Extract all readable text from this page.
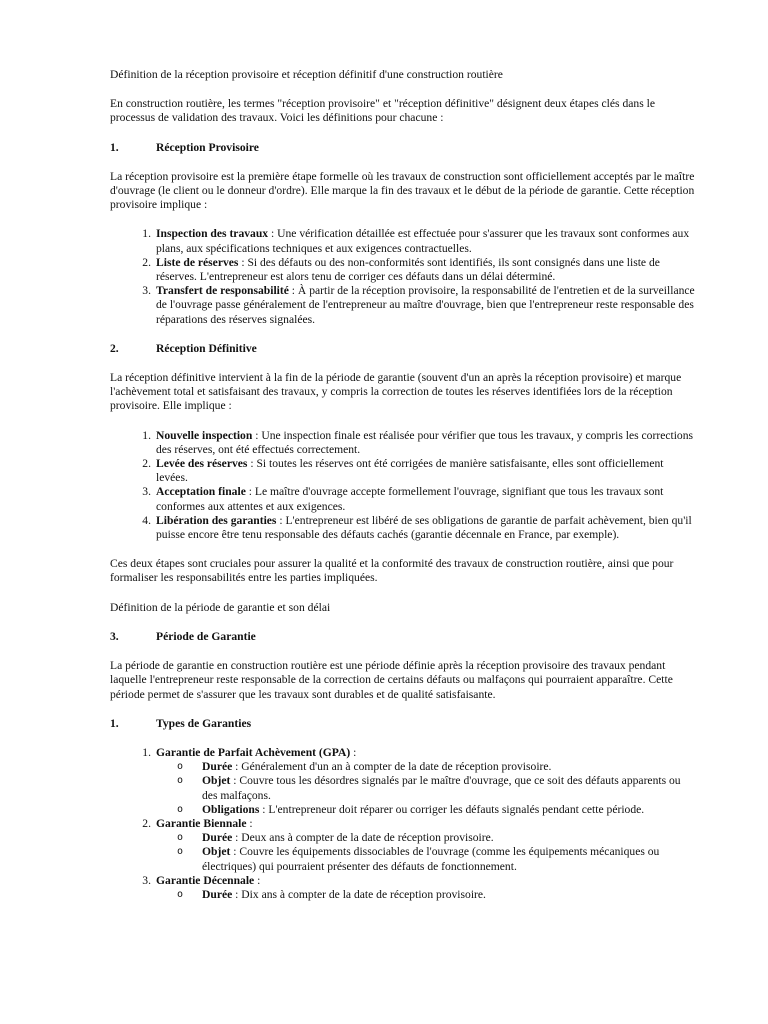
Définition de la réception provisoire et réception définitif d'une construction routière

En construction routière, les termes "réception provisoire" et "réception définitive" désignent deux étapes clés dans le processus de validation des travaux. Voici les définitions pour chacune :

1.	Réception Provisoire

La réception provisoire est la première étape formelle où les travaux de construction sont officiellement acceptés par le maître d'ouvrage (le client ou le donneur d'ordre). Elle marque la fin des travaux et le début de la période de garantie. Cette réception provisoire implique :

1. Inspection des travaux : Une vérification détaillée est effectuée pour s'assurer que les travaux sont conformes aux plans, aux spécifications techniques et aux exigences contractuelles.
2. Liste de réserves : Si des défauts ou des non-conformités sont identifiés, ils sont consignés dans une liste de réserves. L'entrepreneur est alors tenu de corriger ces défauts dans un délai déterminé.
3. Transfert de responsabilité : À partir de la réception provisoire, la responsabilité de l'entretien et de la surveillance de l'ouvrage passe généralement de l'entrepreneur au maître d'ouvrage, bien que l'entrepreneur reste responsable des réparations des réserves signalées.
2.	Réception Définitive

La réception définitive intervient à la fin de la période de garantie (souvent d'un an après la réception provisoire) et marque l'achèvement total et satisfaisant des travaux, y compris la correction de toutes les réserves identifiées lors de la réception provisoire. Elle implique :

1. Nouvelle inspection : Une inspection finale est réalisée pour vérifier que tous les travaux, y compris les corrections des réserves, ont été effectués correctement.
2. Levée des réserves : Si toutes les réserves ont été corrigées de manière satisfaisante, elles sont officiellement levées.
3. Acceptation finale : Le maître d'ouvrage accepte formellement l'ouvrage, signifiant que tous les travaux sont conformes aux attentes et aux exigences.
4. Libération des garanties : L'entrepreneur est libéré de ses obligations de garantie de parfait achèvement, bien qu'il puisse encore être tenu responsable des défauts cachés (garantie décennale en France, par exemple).

Ces deux étapes sont cruciales pour assurer la qualité et la conformité des travaux de construction routière, ainsi que pour formaliser les responsabilités entre les parties impliquées.

Définition de la période de garantie et son délai

3.	Période de Garantie

La période de garantie en construction routière est une période définie après la réception provisoire des travaux pendant laquelle l'entrepreneur reste responsable de la correction de certains défauts ou malfaçons qui pourraient apparaître. Cette période permet de s'assurer que les travaux sont durables et de qualité satisfaisante.

1.	Types de Garanties
1. Garantie de Parfait Achèvement (GPA) :
o	Durée : Généralement d'un an à compter de la date de réception provisoire.
o	Objet : Couvre tous les désordres signalés par le maître d'ouvrage, que ce soit des défauts apparents ou des malfaçons.
o	Obligations : L'entrepreneur doit réparer ou corriger les défauts signalés pendant cette période.
2. Garantie Biennale :
o	Durée : Deux ans à compter de la date de réception provisoire.
o	Objet : Couvre les équipements dissociables de l'ouvrage (comme les équipements mécaniques ou électriques) qui pourraient présenter des défauts de fonctionnement.
3. Garantie Décennale :
o	Durée : Dix ans à compter de la date de réception provisoire.
